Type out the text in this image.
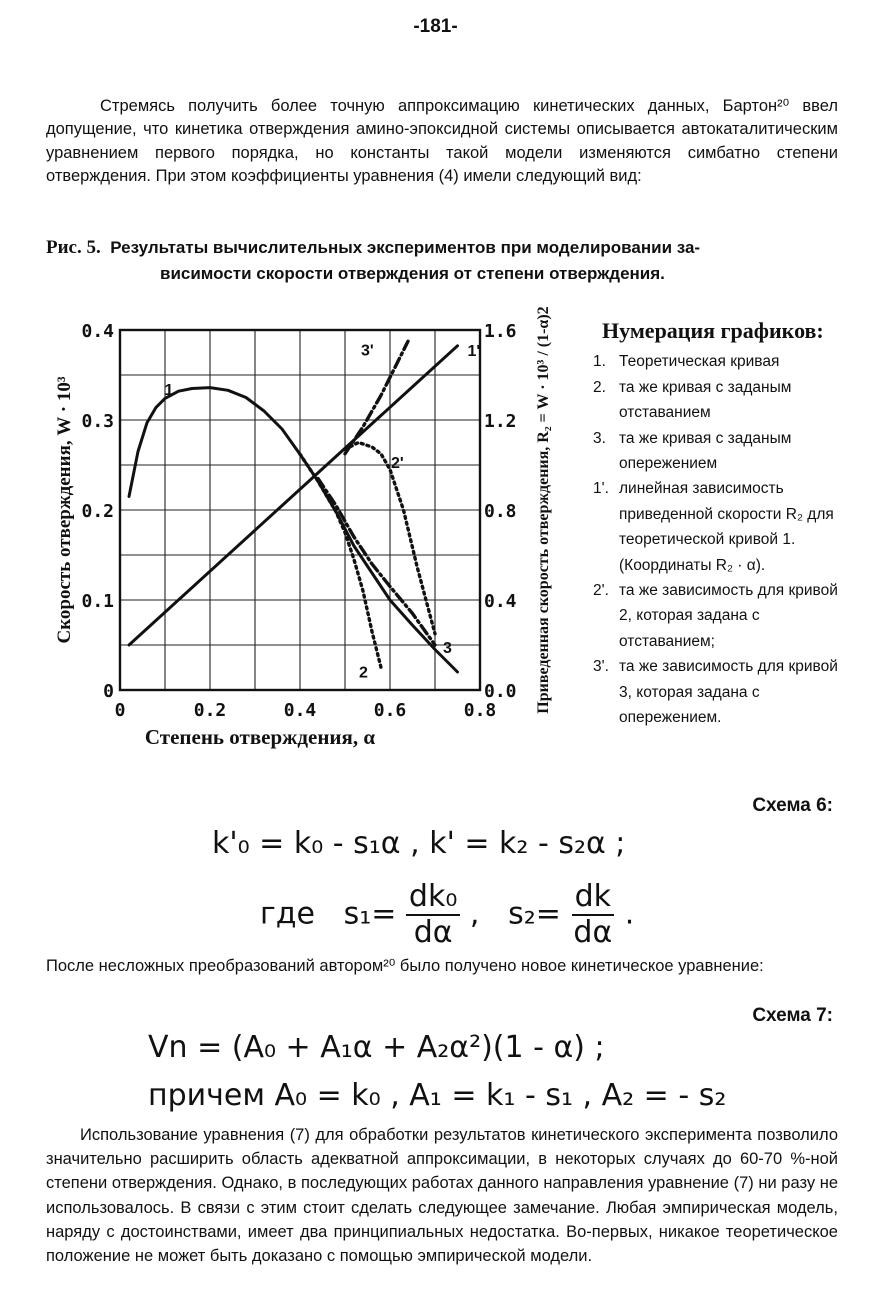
-181-

Стремясь получить более точную аппроксимацию кинетических данных, Бартон²⁰ ввел допущение, что кинетика отверждения амино-эпоксидной системы описывается автокаталитическим уравнением первого порядка, но константы такой модели изменяются симбатно степени отверждения. При этом коэффициенты уравнения (4) имели следующий вид:

Рис. 5. Результаты вычислительных экспериментов при моделировании за-
висимости скорости отверждения от степени отверждения.
0	0.2	0.4	0.6	0.8
0
0.1
0.2
0.3
0.4
0.0
0.4
0.8
1.2
1.6
Степень отверждения, α
Скорость отверждения, W · 10³	Приведенная скорость отверждения, R₂ = W · 10³ / (1-α)2
1
2
3
1'
2'
3'
Нумерация графиков:
1. Теоретическая кривая
2. та же кривая с заданым отставанием
3. та же кривая с заданым опережением
1'. линейная зависимость приведенной скорости R₂ для теоретической кривой 1. (Координаты R₂ · α).
2'. та же зависимость для кривой 2, которая задана с отставанием;
3'. та же зависимость для кривой 3, которая задана с опережением.
Схема 6:
k'₀ = k₀ - s₁α , k' = k₂ - s₂α ;
где $s_1= \frac{\text{dk₀}}{d\alpha}$ ,   $s_2= \frac{dk}{d\alpha}$ .

После несложных преобразований автором²⁰ было получено новое кинетическое уравнение:

Схема 7:
Vn = (A₀ + A₁α + A₂α²)(1 - α) ;
причем A₀ = k₀ , A₁ = k₁ - s₁ , A₂ = - s₂

Использование уравнения (7) для обработки результатов кинетического эксперимента позволило значительно расширить область адекватной аппроксимации, в некоторых случаях до 60-70 %-ной степени отверждения. Однако, в последующих работах данного направления уравнение (7) ни разу не использовалось. В связи с этим стоит сделать следующее замечание. Любая эмпирическая модель, наряду с достоинствами, имеет два принципиальных недостатка. Во-первых, никакое теоретическое положение не может быть доказано с помощью эмпирической модели.
